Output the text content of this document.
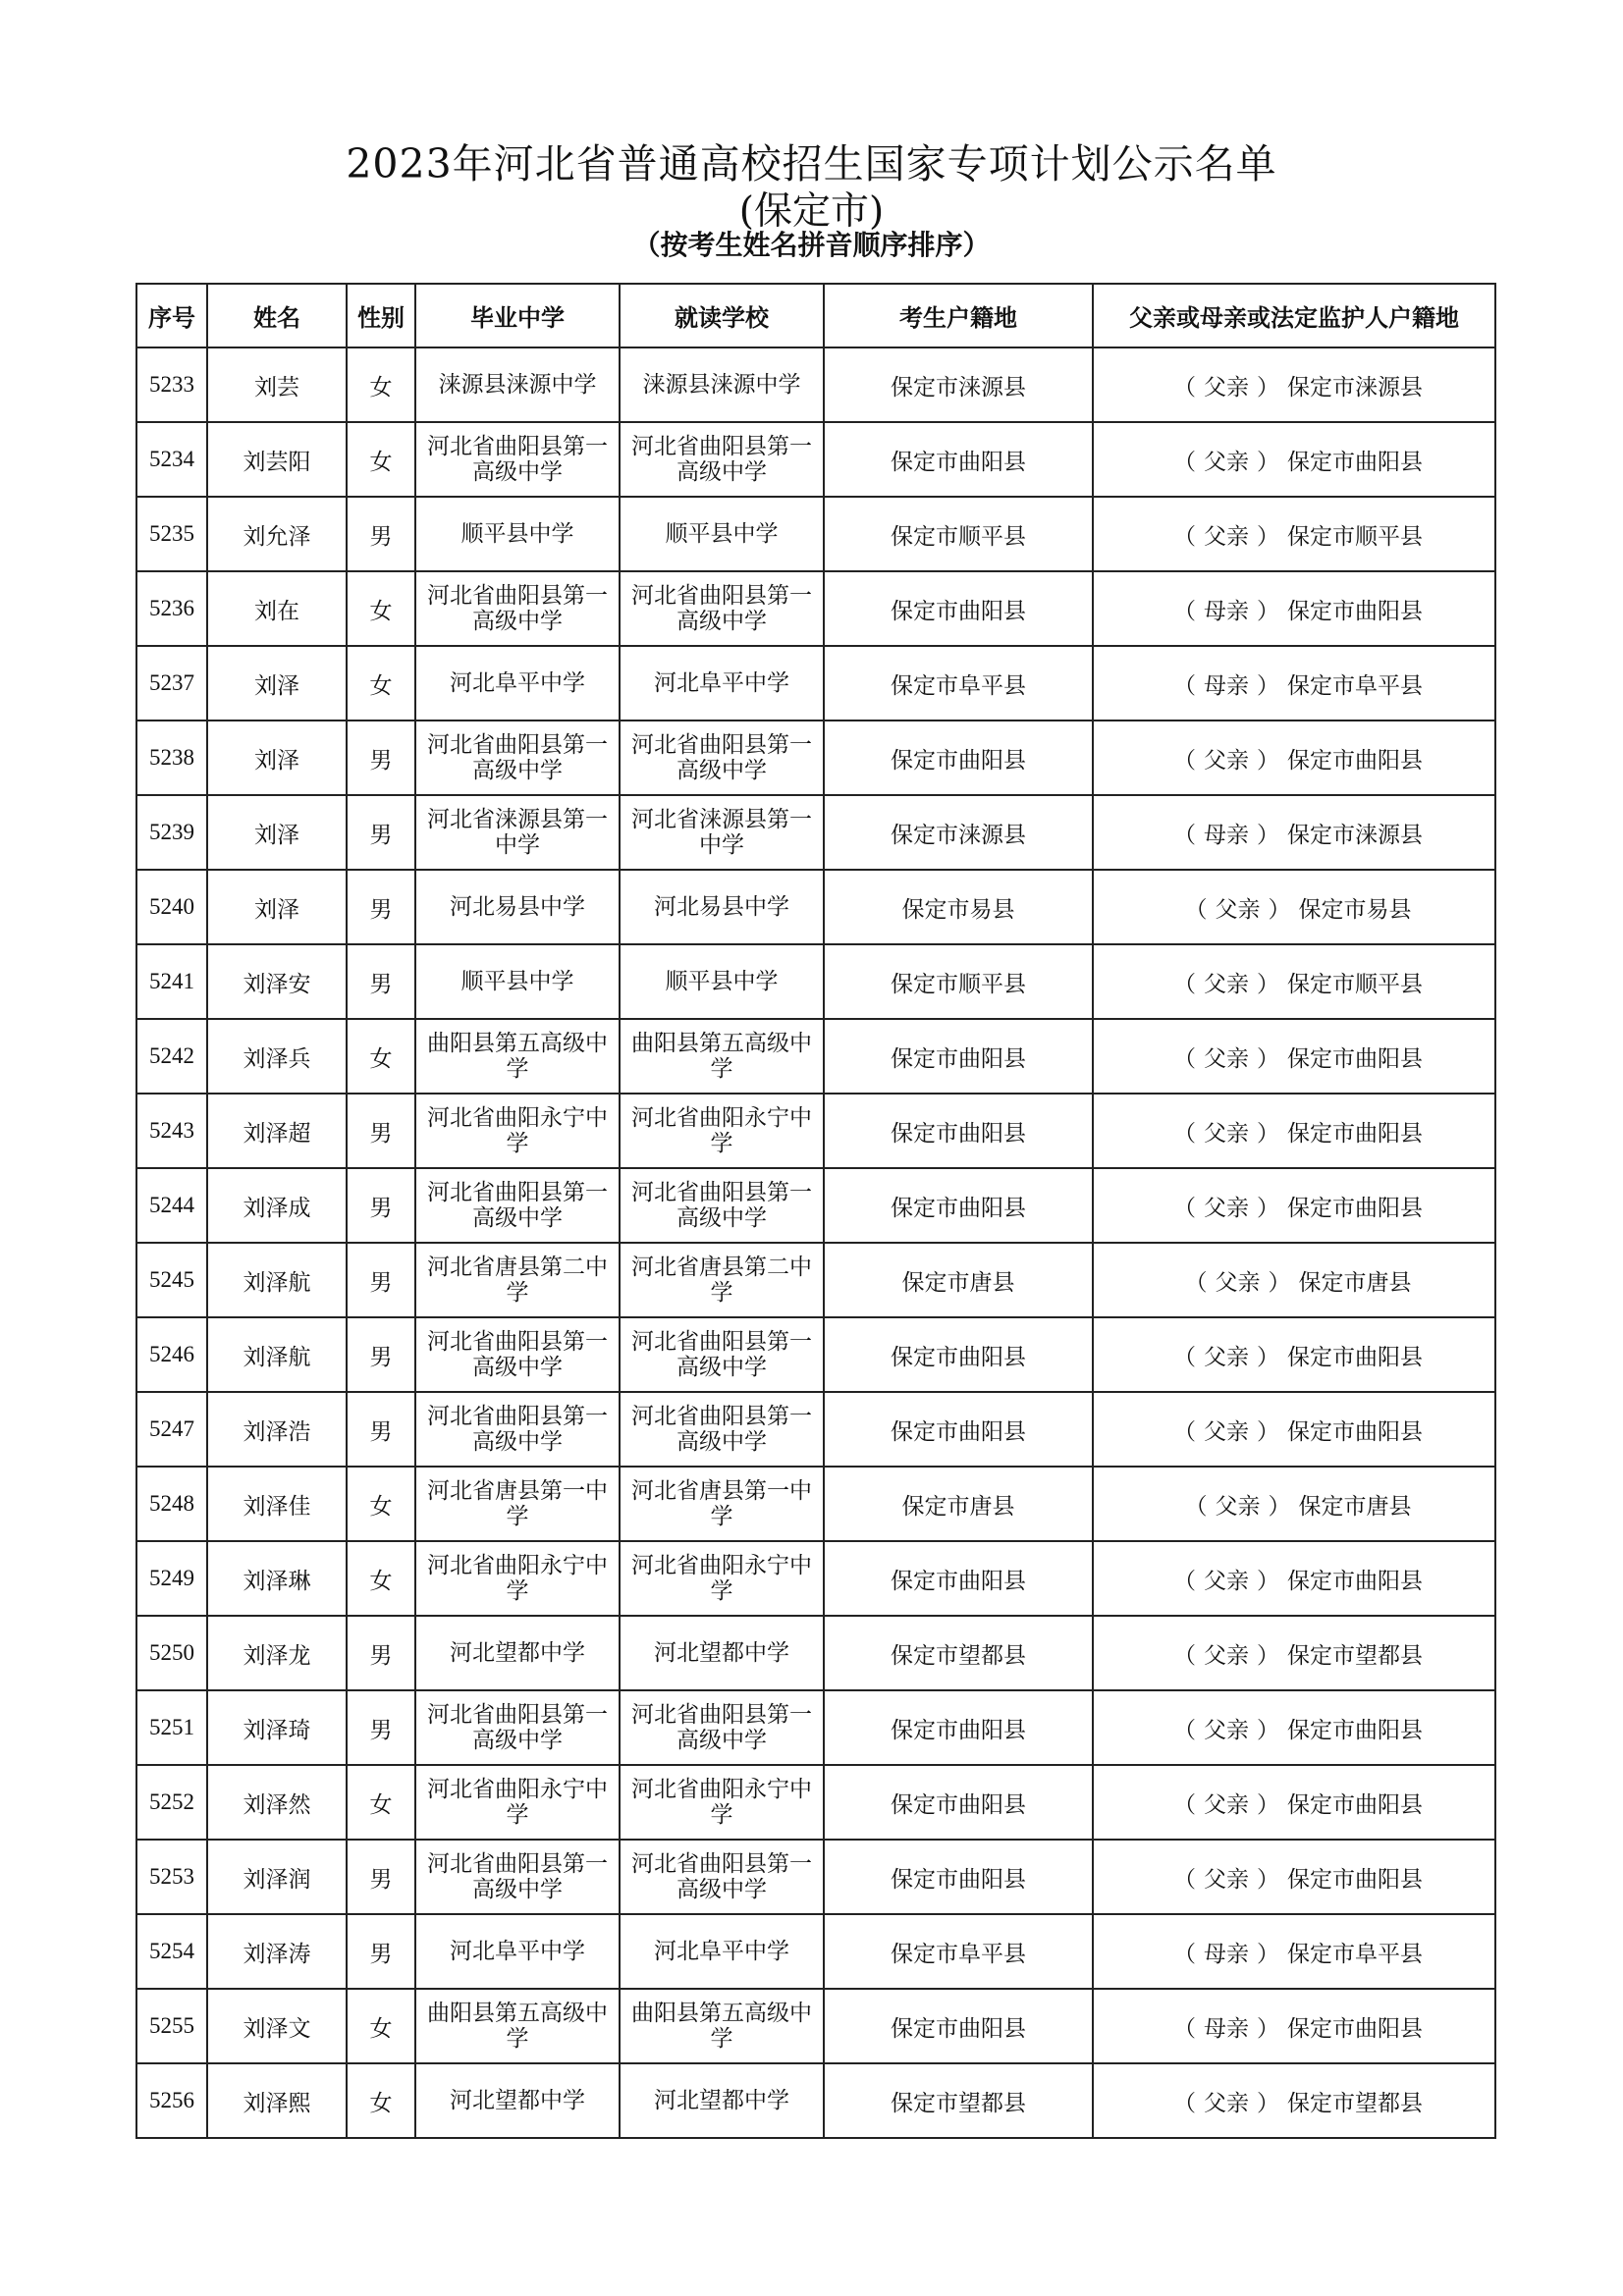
2023年河北省普通高校招生国家专项计划公示名单
(保定市)
（按考生姓名拼音顺序排序）
序号	姓名	性别	毕业中学	就读学校	考生户籍地	父亲或母亲或法定监护人户籍地
5233	刘芸	女	涞源县涞源中学	涞源县涞源中学	保定市涞源县	（ 父亲 ） 保定市涞源县
5234	刘芸阳	女	河北省曲阳县第一高级中学	河北省曲阳县第一高级中学	保定市曲阳县	（ 父亲 ） 保定市曲阳县
5235	刘允泽	男	顺平县中学	顺平县中学	保定市顺平县	（ 父亲 ） 保定市顺平县
5236	刘在	女	河北省曲阳县第一高级中学	河北省曲阳县第一高级中学	保定市曲阳县	（ 母亲 ） 保定市曲阳县
5237	刘泽	女	河北阜平中学	河北阜平中学	保定市阜平县	（ 母亲 ） 保定市阜平县
5238	刘泽	男	河北省曲阳县第一高级中学	河北省曲阳县第一高级中学	保定市曲阳县	（ 父亲 ） 保定市曲阳县
5239	刘泽	男	河北省涞源县第一中学	河北省涞源县第一中学	保定市涞源县	（ 母亲 ） 保定市涞源县
5240	刘泽	男	河北易县中学	河北易县中学	保定市易县	（ 父亲 ） 保定市易县
5241	刘泽安	男	顺平县中学	顺平县中学	保定市顺平县	（ 父亲 ） 保定市顺平县
5242	刘泽兵	女	曲阳县第五高级中学	曲阳县第五高级中学	保定市曲阳县	（ 父亲 ） 保定市曲阳县
5243	刘泽超	男	河北省曲阳永宁中学	河北省曲阳永宁中学	保定市曲阳县	（ 父亲 ） 保定市曲阳县
5244	刘泽成	男	河北省曲阳县第一高级中学	河北省曲阳县第一高级中学	保定市曲阳县	（ 父亲 ） 保定市曲阳县
5245	刘泽航	男	河北省唐县第二中学	河北省唐县第二中学	保定市唐县	（ 父亲 ） 保定市唐县
5246	刘泽航	男	河北省曲阳县第一高级中学	河北省曲阳县第一高级中学	保定市曲阳县	（ 父亲 ） 保定市曲阳县
5247	刘泽浩	男	河北省曲阳县第一高级中学	河北省曲阳县第一高级中学	保定市曲阳县	（ 父亲 ） 保定市曲阳县
5248	刘泽佳	女	河北省唐县第一中学	河北省唐县第一中学	保定市唐县	（ 父亲 ） 保定市唐县
5249	刘泽琳	女	河北省曲阳永宁中学	河北省曲阳永宁中学	保定市曲阳县	（ 父亲 ） 保定市曲阳县
5250	刘泽龙	男	河北望都中学	河北望都中学	保定市望都县	（ 父亲 ） 保定市望都县
5251	刘泽琦	男	河北省曲阳县第一高级中学	河北省曲阳县第一高级中学	保定市曲阳县	（ 父亲 ） 保定市曲阳县
5252	刘泽然	女	河北省曲阳永宁中学	河北省曲阳永宁中学	保定市曲阳县	（ 父亲 ） 保定市曲阳县
5253	刘泽润	男	河北省曲阳县第一高级中学	河北省曲阳县第一高级中学	保定市曲阳县	（ 父亲 ） 保定市曲阳县
5254	刘泽涛	男	河北阜平中学	河北阜平中学	保定市阜平县	（ 母亲 ） 保定市阜平县
5255	刘泽文	女	曲阳县第五高级中学	曲阳县第五高级中学	保定市曲阳县	（ 母亲 ） 保定市曲阳县
5256	刘泽熙	女	河北望都中学	河北望都中学	保定市望都县	（ 父亲 ） 保定市望都县
